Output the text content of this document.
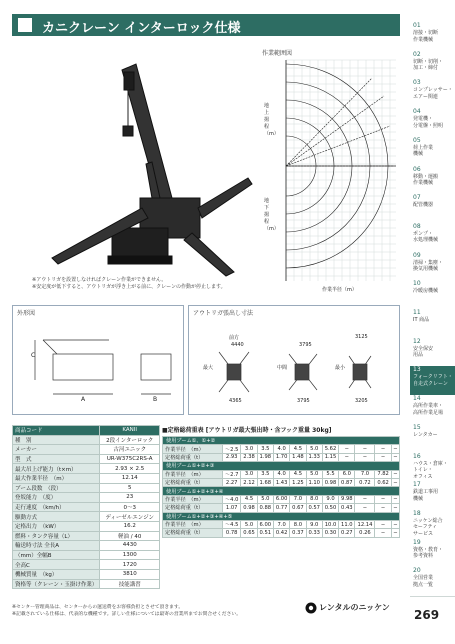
カニクレーン インターロック仕様	01
溶接・切断
作業機械
02
切断・切削・
加工・締付
03
コンプレッサー・
エアー関連
04
発電機・
分電盤・照明
05
荷上作業
機械
06
移動・運搬
作業機械
07
配管機器
08
ポンプ・
水処理機械
09
清掃・集塵・
換気用機械
10
冷暖房機械
11
IT 商品
12
安全保安
用品
13
フォークリフト・
自走式クレーン
14
高所作業車・
高所作業足場
15
レンタカー
16
ハウス・倉庫・
トイレ・
オフィス
17
鉄道工事用
機械
18
ニッケン総合
セーフティ
サービス
19
資格・教育・
参考資料
20
全国営業
拠点一覧
※アウトリガを設置しなければクレーン作業ができません。
※安定度が低下すると、アウトリガが浮き上がる前に、クレーンの作動が停止します。
作業範囲図
地上揚程（m）
地下揚程（m）
作業半径（m）
外形図
C
A	B
アウトリガ張出し寸法
前方
4440	3795
3125
最大	中間	最小
4365	3795	3205
商品コード	KANII
種　別	2段インターロック
メーカー	古河ユニック
型　式	UR-W375C2RS-A
最大吊上げ能力（t×m）	2.93 × 2.5
最大作業半径　（m）	12.14
ブーム段数　（段）	5
登坂能力　（度）	23
走行速度　（km/h）	0〜3
駆動方式	ディーゼルエンジン
定格出力　（kW）	16.2
燃料・タンク容量（L）	軽油 / 40
輸送時寸法 全長A	4430
（mm）全幅B	1300
全高C	1720
機械質量　（kg）	3810
資格等（クレーン・玉掛け作業）	技能講習
■定格総荷重表 [アウトリガ最大張出時・含フック重量 30kg]
使用ブーム①、①+②											
作業半径　（m）	〜2.5	3.0	3.5	4.0	4.5	5.0	5.62	−	−	−	−
定格総荷重（t）	2.93	2.38	1.98	1.70	1.48	1.33	1.15	−	−	−	−
使用ブーム①+②+③											
作業半径　（m）	〜2.7	3.0	3.5	4.0	4.5	5.0	5.5	6.0	7.0	7.82	−
定格総荷重（t）	2.27	2.12	1.68	1.43	1.25	1.10	0.98	0.87	0.72	0.62	−
使用ブーム①+②+③+④											
作業半径　（m）	〜4.0	4.5	5.0	6.00	7.0	8.0	9.0	9.98	−	−	−
定格総荷重（t）	1.07	0.98	0.88	0.77	0.67	0.57	0.50	0.43	−	−	−
使用ブーム①+②+③+④+⑤											
作業半径　（m）	〜4.5	5.0	6.00	7.0	8.0	9.0	10.0	11.0	12.14	−	−
定格総荷重（t）	0.78	0.65	0.51	0.42	0.37	0.33	0.30	0.27	0.26	−	−
※センター管理商品は、センターからの運送費をお客様負担とさせて頂きます。
※記載されている仕様は、代表的な機種です。詳しい仕様については最寄の営業所までお問合せください。
レンタルのニッケン
269
